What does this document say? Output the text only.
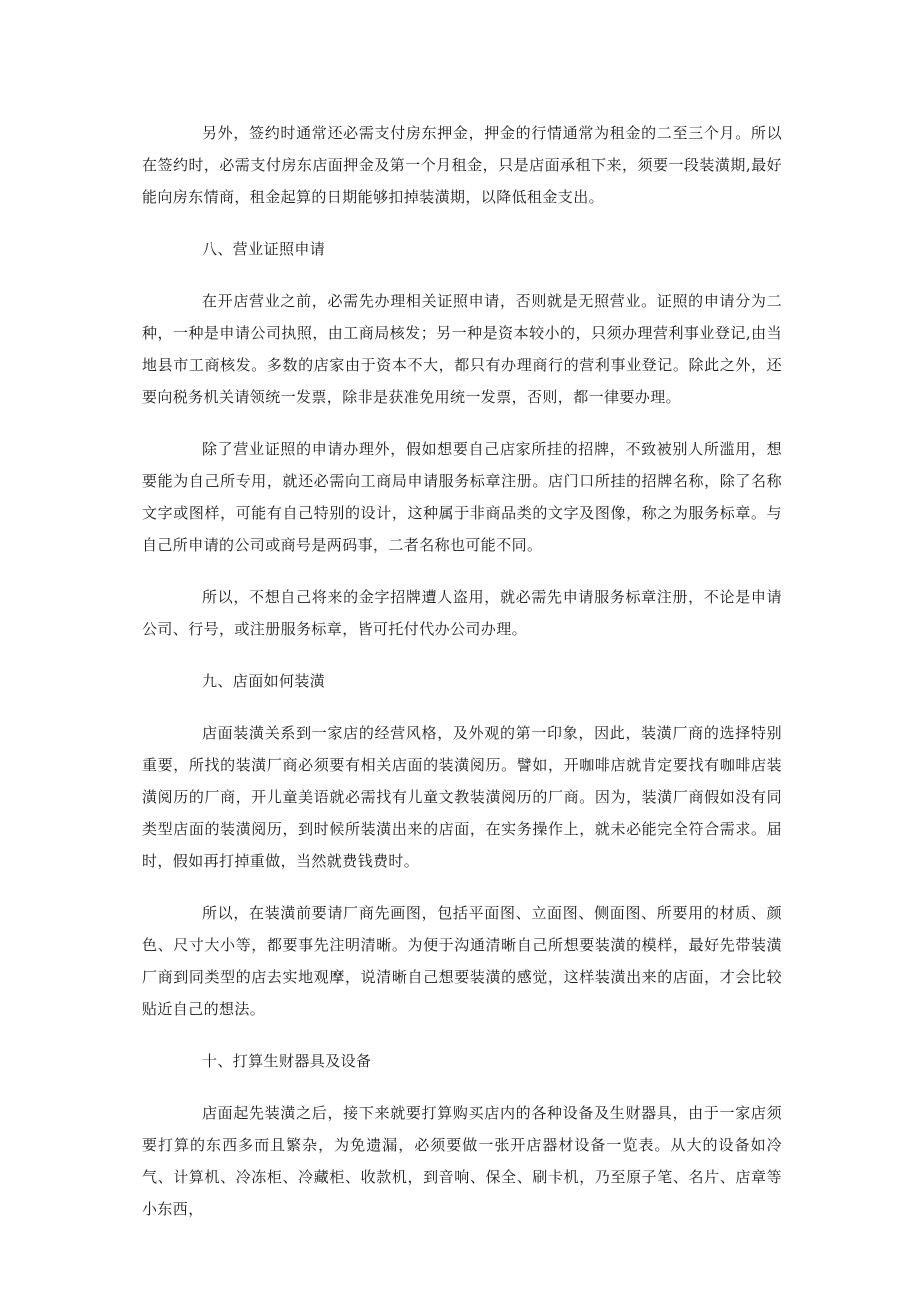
另外，签约时通常还必需支付房东押金，押金的行情通常为租金的二至三个月。所以在签约时，必需支付房东店面押金及第一个月租金，只是店面承租下来，须要一段装潢期,最好能向房东情商，租金起算的日期能够扣掉装潢期，以降低租金支出。

八、营业证照申请

在开店营业之前，必需先办理相关证照申请，否则就是无照营业。证照的申请分为二种，一种是申请公司执照，由工商局核发；另一种是资本较小的，只须办理营利事业登记,由当地县市工商核发。多数的店家由于资本不大，都只有办理商行的营利事业登记。除此之外，还要向税务机关请领统一发票，除非是获准免用统一发票，否则，都一律要办理。

除了营业证照的申请办理外，假如想要自己店家所挂的招牌，不致被别人所滥用，想要能为自己所专用，就还必需向工商局申请服务标章注册。店门口所挂的招牌名称，除了名称文字或图样，可能有自己特别的设计，这种属于非商品类的文字及图像，称之为服务标章。与自己所申请的公司或商号是两码事，二者名称也可能不同。

所以，不想自己将来的金字招牌遭人盗用，就必需先申请服务标章注册，不论是申请公司、行号，或注册服务标章，皆可托付代办公司办理。

九、店面如何装潢

店面装潢关系到一家店的经营风格，及外观的第一印象，因此，装潢厂商的选择特别重要，所找的装潢厂商必须要有相关店面的装潢阅历。譬如，开咖啡店就肯定要找有咖啡店装潢阅历的厂商，开儿童美语就必需找有儿童文教装潢阅历的厂商。因为，装潢厂商假如没有同类型店面的装潢阅历，到时候所装潢出来的店面，在实务操作上，就未必能完全符合需求。届时，假如再打掉重做，当然就费钱费时。

所以，在装潢前要请厂商先画图，包括平面图、立面图、侧面图、所要用的材质、颜色、尺寸大小等，都要事先注明清晰。为便于沟通清晰自己所想要装潢的模样，最好先带装潢厂商到同类型的店去实地观摩，说清晰自己想要装潢的感觉，这样装潢出来的店面，才会比较贴近自己的想法。

十、打算生财器具及设备

店面起先装潢之后，接下来就要打算购买店内的各种设备及生财器具，由于一家店须要打算的东西多而且繁杂，为免遗漏，必须要做一张开店器材设备一览表。从大的设备如冷气、计算机、冷冻柜、冷藏柜、收款机，到音响、保全、刷卡机，乃至原子笔、名片、店章等小东西，
